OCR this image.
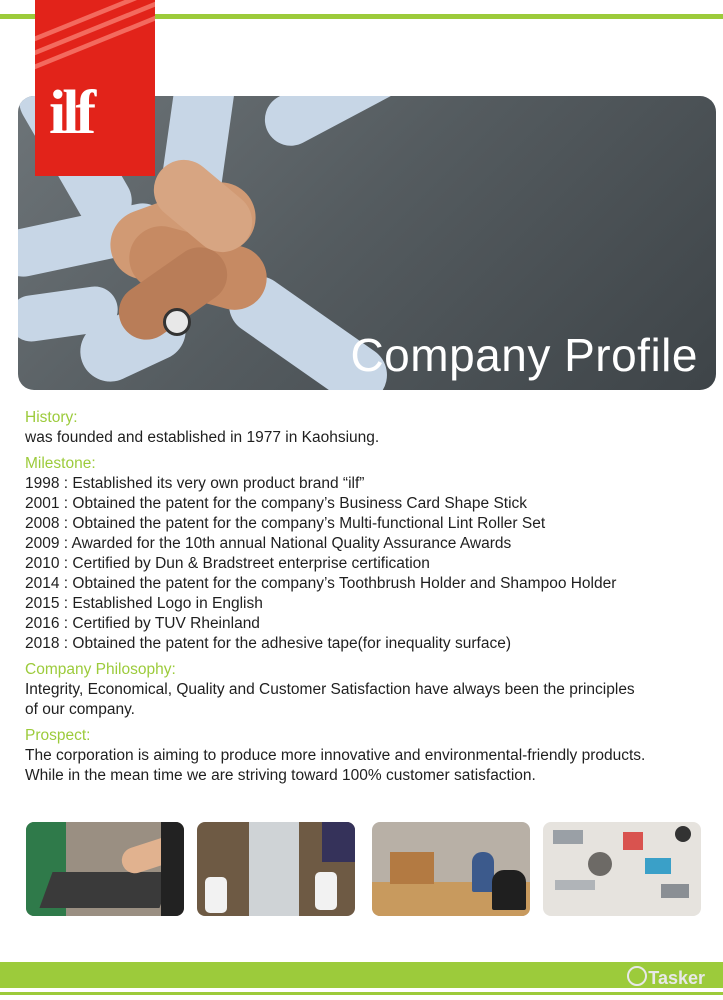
Company Profile
ilf
History:
was founded and established in 1977 in Kaohsiung.
Milestone:
1998 : Established its very own product brand “ilf”
2001 : Obtained the patent for the company’s Business Card Shape Stick
2008 : Obtained the patent for the company’s Multi-functional Lint Roller Set
2009 : Awarded for the 10th annual National Quality Assurance Awards
2010 : Certified by Dun & Bradstreet enterprise certification
2014 : Obtained the patent for the company’s Toothbrush Holder and Shampoo Holder
2015 : Established Logo in English
2016 : Certified by TUV Rheinland
2018 : Obtained the patent for the adhesive tape(for inequality surface)
Company Philosophy:
Integrity, Economical, Quality and Customer Satisfaction have always been the principles
of our company.
Prospect:
The corporation is aiming to produce more innovative and environmental-friendly products.
While in the mean time we are striving toward 100% customer satisfaction.
Tasker
